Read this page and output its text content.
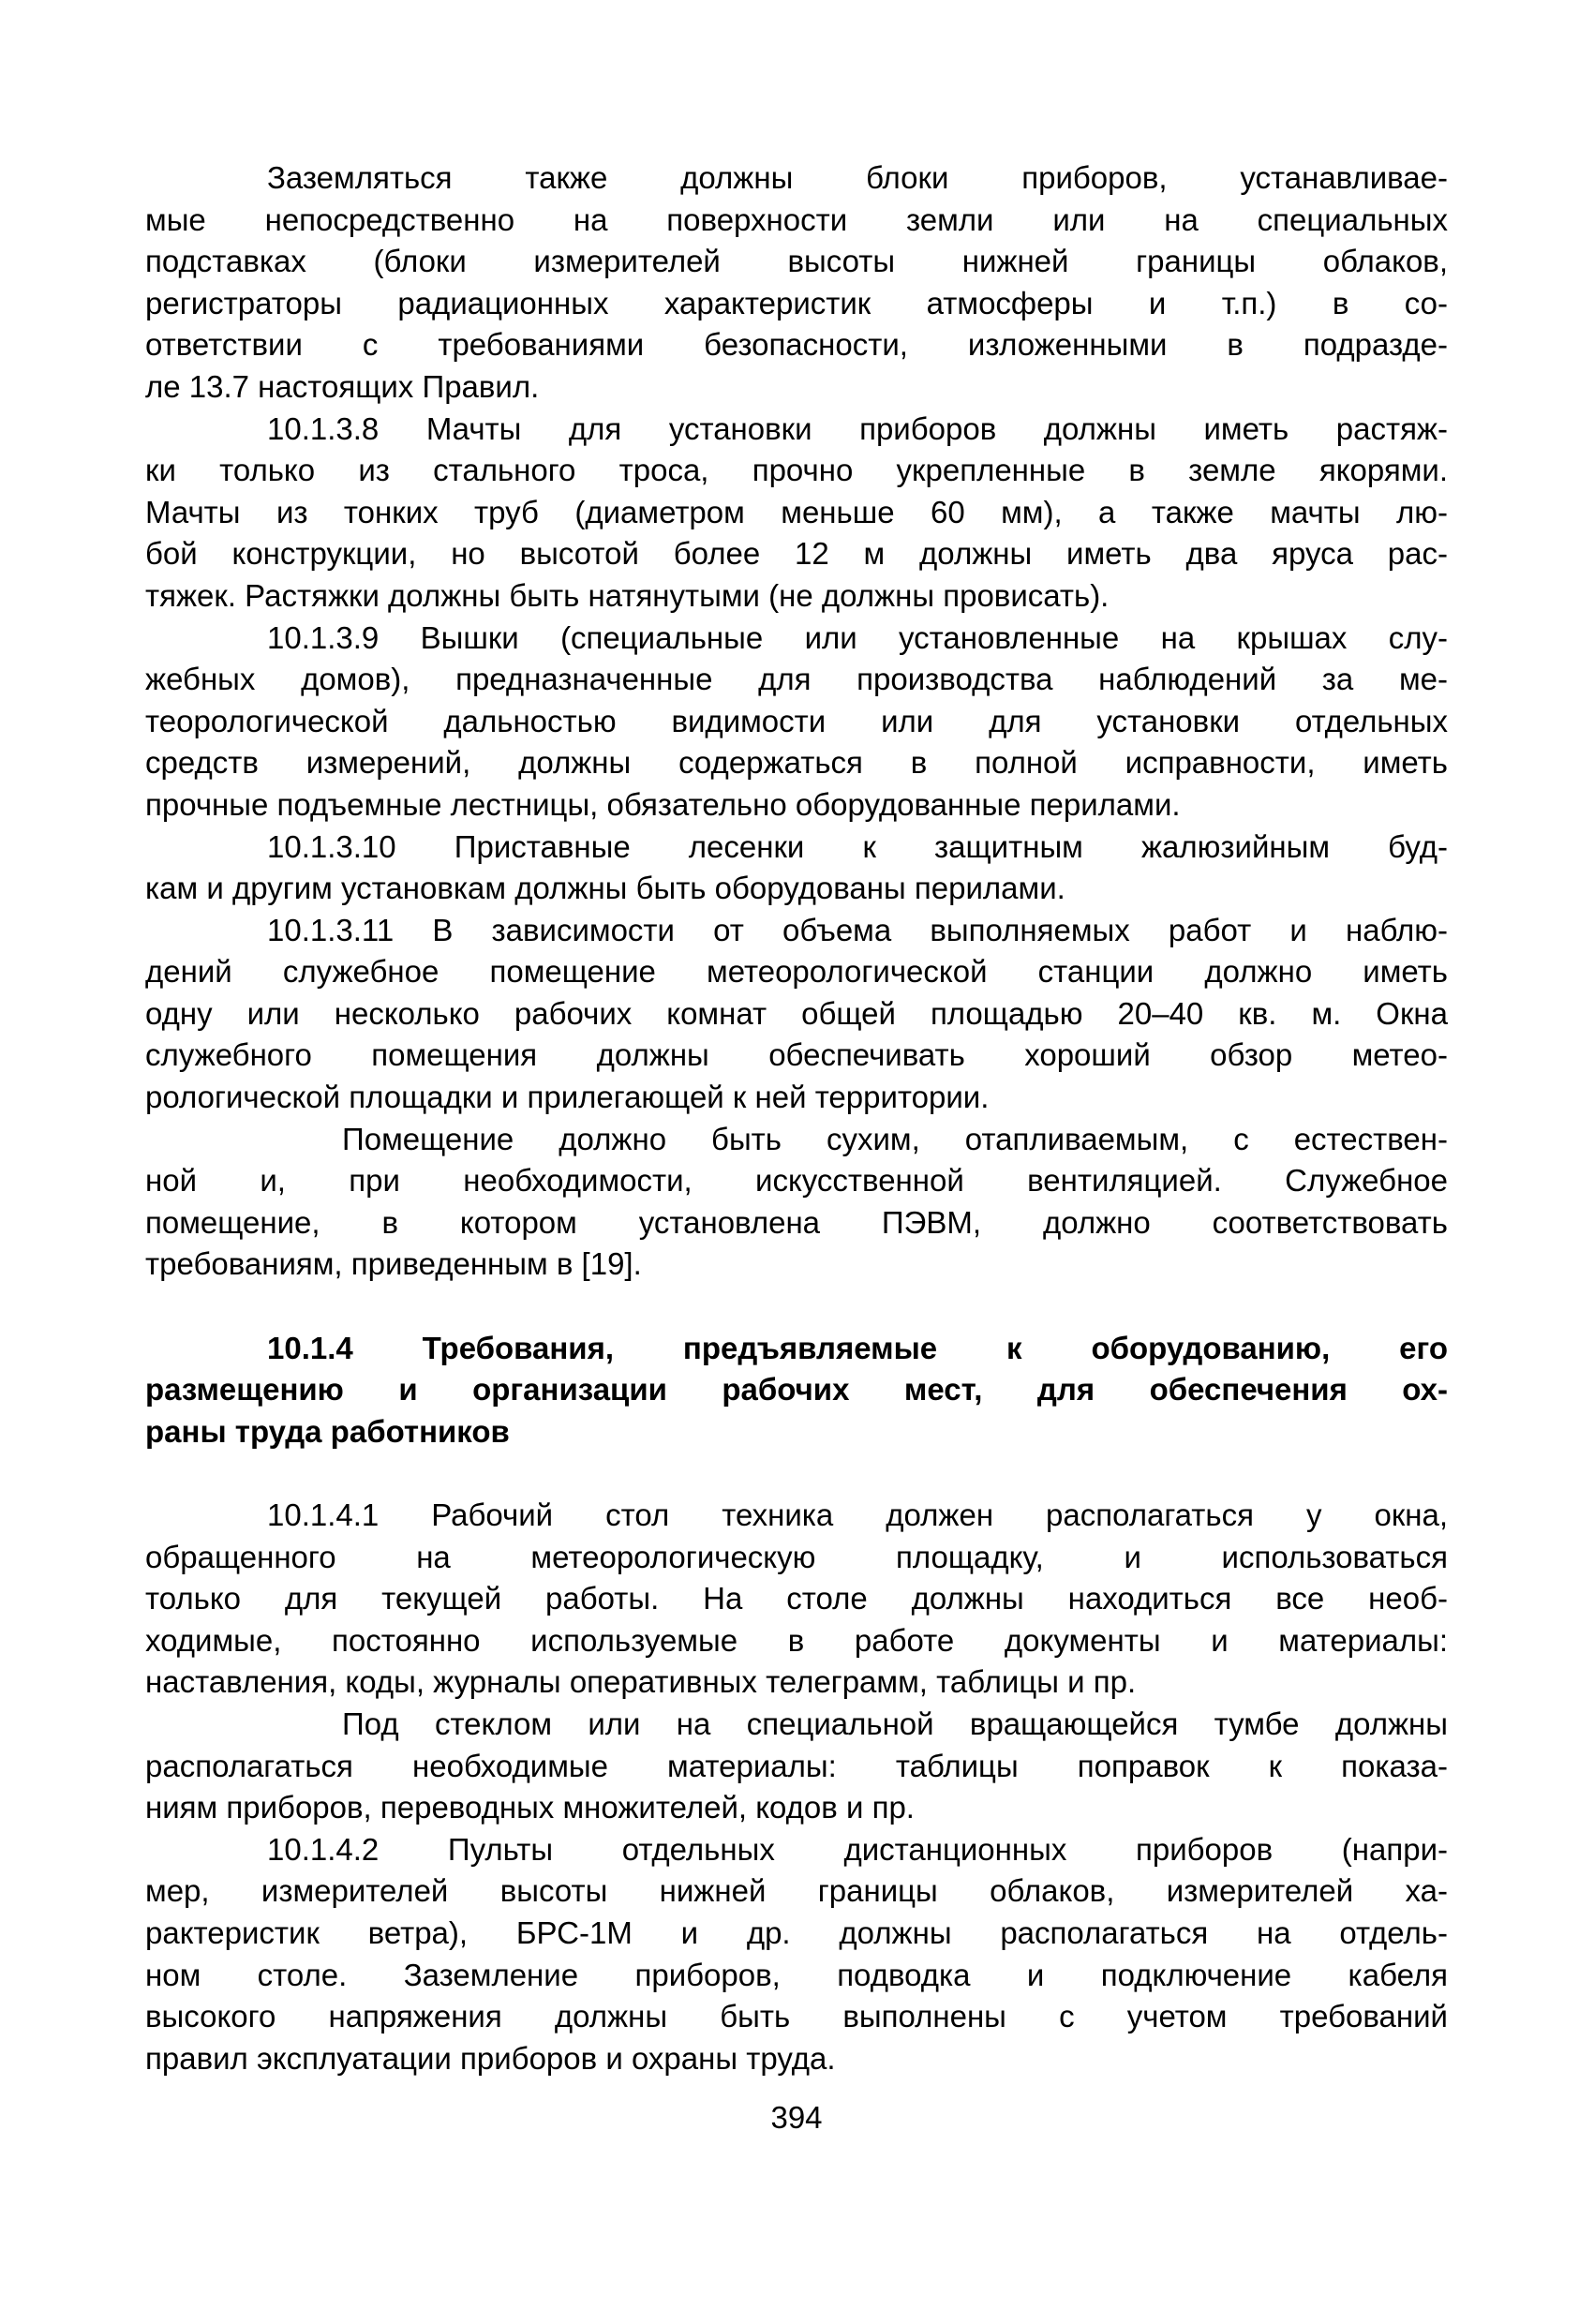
Заземляться также должны блоки приборов, устанавливае-
мые непосредственно на поверхности земли или на специальных
подставках (блоки измерителей высоты нижней границы облаков,
регистраторы радиационных характеристик атмосферы и т.п.) в со-
ответствии с требованиями безопасности, изложенными в подразде-
ле 13.7 настоящих Правил.
10.1.3.8 Мачты для установки приборов должны иметь растяж-
ки только из стального троса, прочно укрепленные в земле якорями.
Мачты из тонких труб (диаметром меньше 60 мм), а также мачты лю-
бой конструкции, но высотой более 12 м должны иметь два яруса рас-
тяжек. Растяжки должны быть натянутыми (не должны провисать).
10.1.3.9 Вышки (специальные или установленные на крышах слу-
жебных домов), предназначенные для производства наблюдений за ме-
теорологической дальностью видимости или для установки отдельных
средств измерений, должны содержаться в полной исправности, иметь
прочные подъемные лестницы, обязательно оборудованные перилами.
10.1.3.10 Приставные лесенки к защитным жалюзийным буд-
кам и другим установкам должны быть оборудованы перилами.
10.1.3.11 В зависимости от объема выполняемых работ и наблю-
дений служебное помещение метеорологической станции должно иметь
одну или несколько рабочих комнат общей площадью 20–40 кв. м. Окна
служебного помещения должны обеспечивать хороший обзор метео-
рологической площадки и прилегающей к ней территории.
Помещение должно быть сухим, отапливаемым, с естествен-
ной и, при необходимости, искусственной вентиляцией. Служебное
помещение, в котором установлена ПЭВМ, должно соответствовать
требованиям, приведенным в [19].
10.1.4 Требования, предъявляемые к оборудованию, его
размещению и организации рабочих мест, для обеспечения ох-
раны труда работников
10.1.4.1 Рабочий стол техника должен располагаться у окна,
обращенного на метеорологическую площадку, и использоваться
только для текущей работы. На столе должны находиться все необ-
ходимые, постоянно используемые в работе документы и материалы:
наставления, коды, журналы оперативных телеграмм, таблицы и пр.
Под стеклом или на специальной вращающейся тумбе должны
располагаться необходимые материалы: таблицы поправок к показа-
ниям приборов, переводных множителей, кодов и пр.
10.1.4.2 Пульты отдельных дистанционных приборов (напри-
мер, измерителей высоты нижней границы облаков, измерителей ха-
рактеристик ветра), БРС-1М и др. должны располагаться на отдель-
ном столе. Заземление приборов, подводка и подключение кабеля
высокого напряжения должны быть выполнены с учетом требований
правил эксплуатации приборов и охраны труда.
394
